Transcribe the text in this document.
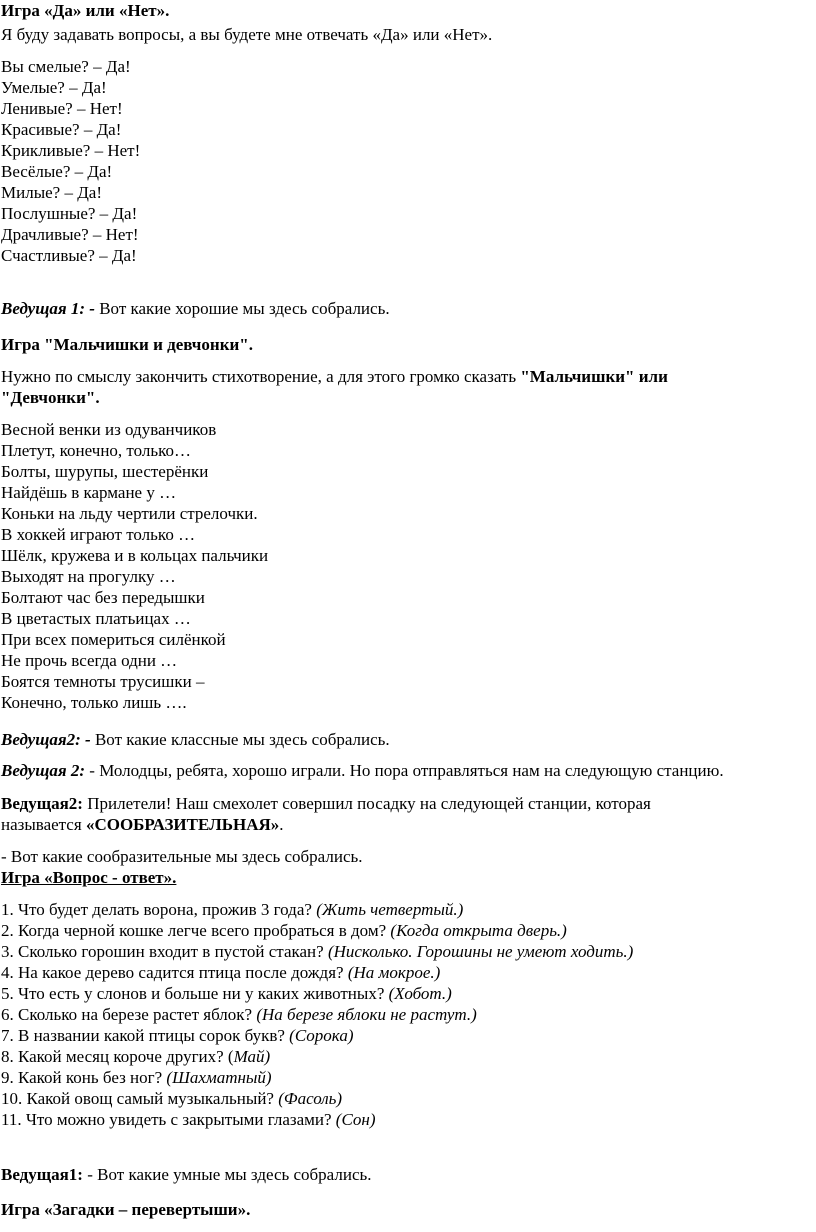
Игра «Да» или «Нет».
Я буду задавать вопросы, а вы будете мне отвечать «Да» или «Нет».
Вы смелые? – Да!
Умелые? – Да!
Ленивые? – Нет!
Красивые? – Да!
Крикливые? – Нет!
Весёлые? – Да!
Милые? – Да!
Послушные? – Да!
Драчливые? – Нет!
Счастливые? – Да!
Ведущая 1: - Вот какие хорошие мы здесь собрались.
Игра "Мальчишки и девчонки".
Нужно по смыслу закончить стихотворение, а для этого громко сказать "Мальчишки" или
"Девчонки".
Весной венки из одуванчиков
Плетут, конечно, только…
Болты, шурупы, шестерёнки
Найдёшь в кармане у …
Коньки на льду чертили стрелочки.
В хоккей играют только …
Шёлк, кружева и в кольцах пальчики
Выходят на прогулку …
Болтают час без передышки
В цветастых платьицах …
При всех помериться силёнкой
Не прочь всегда одни …
Боятся темноты трусишки –
Конечно, только лишь ….
Ведущая2: - Вот какие классные мы здесь собрались.
Ведущая 2: - Молодцы, ребята, хорошо играли. Но пора отправляться нам на следующую станцию.
Ведущая2: Прилетели! Наш смехолет совершил посадку на следующей станции, которая
называется «СООБРАЗИТЕЛЬНАЯ».
- Вот какие сообразительные мы здесь собрались.
Игра «Вопрос - ответ».
1. Что будет делать ворона, прожив 3 года? (Жить четвертый.)
2. Когда черной кошке легче всего пробраться в дом? (Когда открыта дверь.)
3. Сколько горошин входит в пустой стакан? (Нисколько. Горошины не умеют ходить.)
4. На какое дерево садится птица после дождя? (На мокрое.)
5. Что есть у слонов и больше ни у каких животных? (Хобот.)
6. Сколько на березе растет яблок? (На березе яблоки не растут.)
7. В названии какой птицы сорок букв? (Сорока)
8. Какой месяц короче других? (Май)
9. Какой конь без ног? (Шахматный)
10. Какой овощ самый музыкальный? (Фасоль)
11. Что можно увидеть с закрытыми глазами? (Сон)
Ведущая1: - Вот какие умные мы здесь собрались.
Игра «Загадки – перевертыши».
